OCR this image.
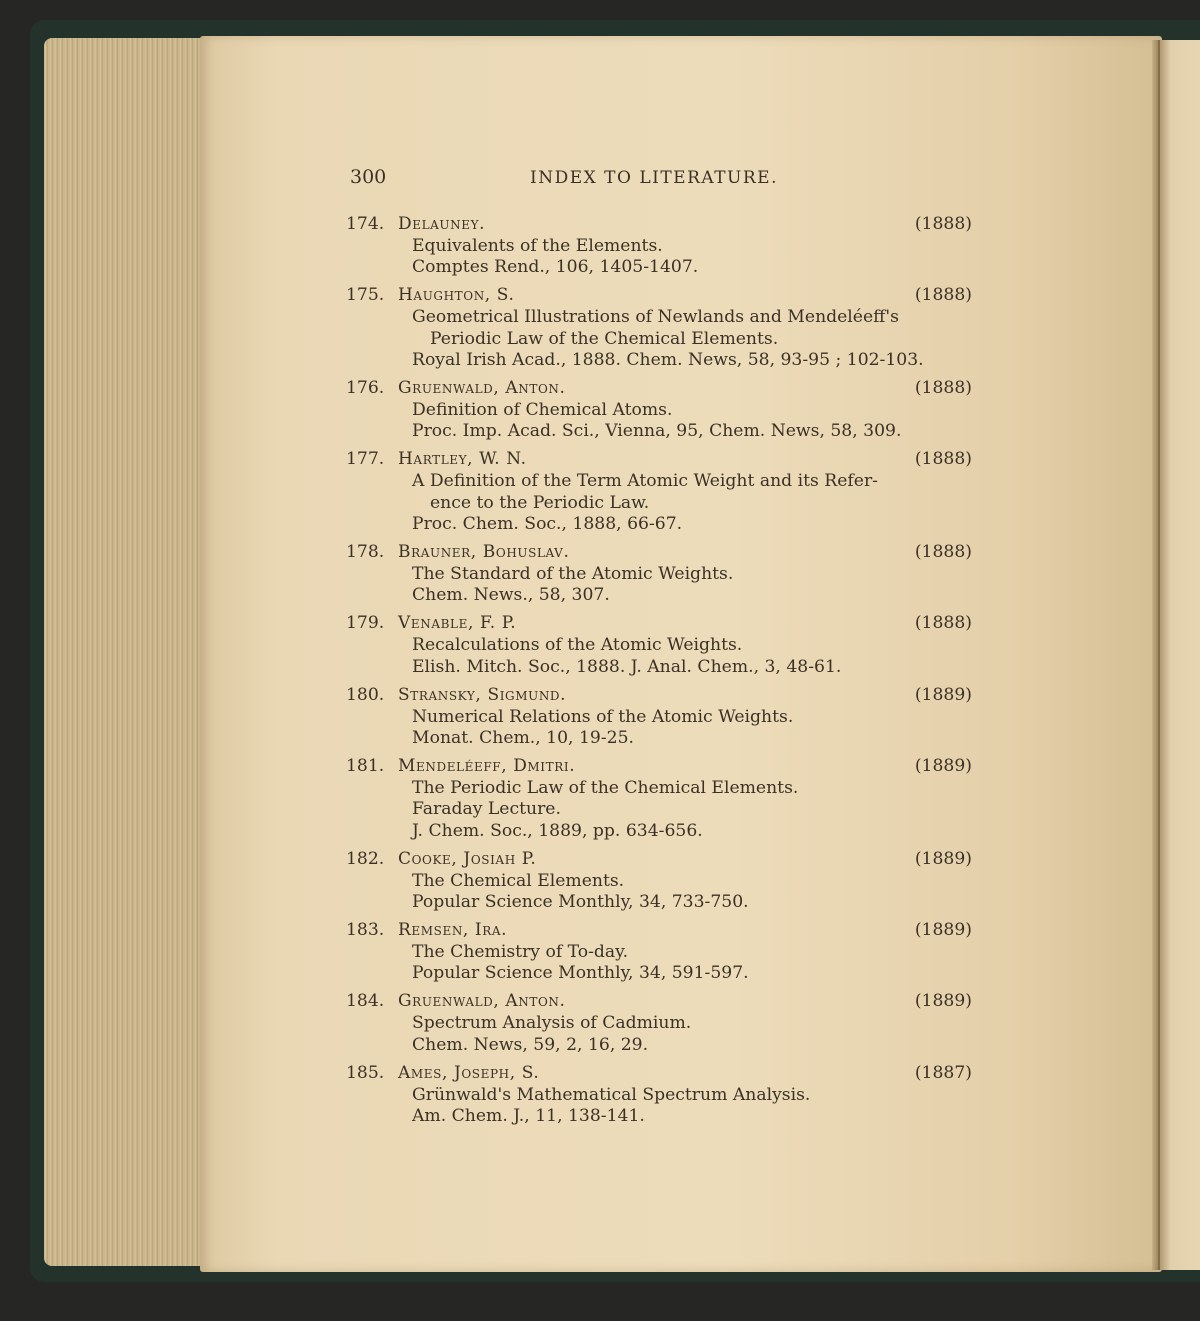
300	INDEX TO LITERATURE.
174. Delauney.	(1888)
Equivalents of the Elements.
Comptes Rend., 106, 1405-1407.
175. Haughton, S.	(1888)
Geometrical Illustrations of Newlands and Mendeléeff's
Periodic Law of the Chemical Elements.
Royal Irish Acad., 1888. Chem. News, 58, 93-95 ; 102-103.
176. Gruenwald, Anton.	(1888)
Definition of Chemical Atoms.
Proc. Imp. Acad. Sci., Vienna, 95, Chem. News, 58, 309.
177. Hartley, W. N.	(1888)
A Definition of the Term Atomic Weight and its Refer-
ence to the Periodic Law.
Proc. Chem. Soc., 1888, 66-67.
178. Brauner, Bohuslav.	(1888)
The Standard of the Atomic Weights.
Chem. News., 58, 307.
179. Venable, F. P.	(1888)
Recalculations of the Atomic Weights.
Elish. Mitch. Soc., 1888. J. Anal. Chem., 3, 48-61.
180. Stransky, Sigmund.	(1889)
Numerical Relations of the Atomic Weights.
Monat. Chem., 10, 19-25.
181. Mendeléeff, Dmitri.	(1889)
The Periodic Law of the Chemical Elements.
Faraday Lecture.
J. Chem. Soc., 1889, pp. 634-656.
182. Cooke, Josiah P.	(1889)
The Chemical Elements.
Popular Science Monthly, 34, 733-750.
183. Remsen, Ira.	(1889)
The Chemistry of To-day.
Popular Science Monthly, 34, 591-597.
184. Gruenwald, Anton.	(1889)
Spectrum Analysis of Cadmium.
Chem. News, 59, 2, 16, 29.
185. Ames, Joseph, S.	(1887)
Grünwald's Mathematical Spectrum Analysis.
Am. Chem. J., 11, 138-141.
